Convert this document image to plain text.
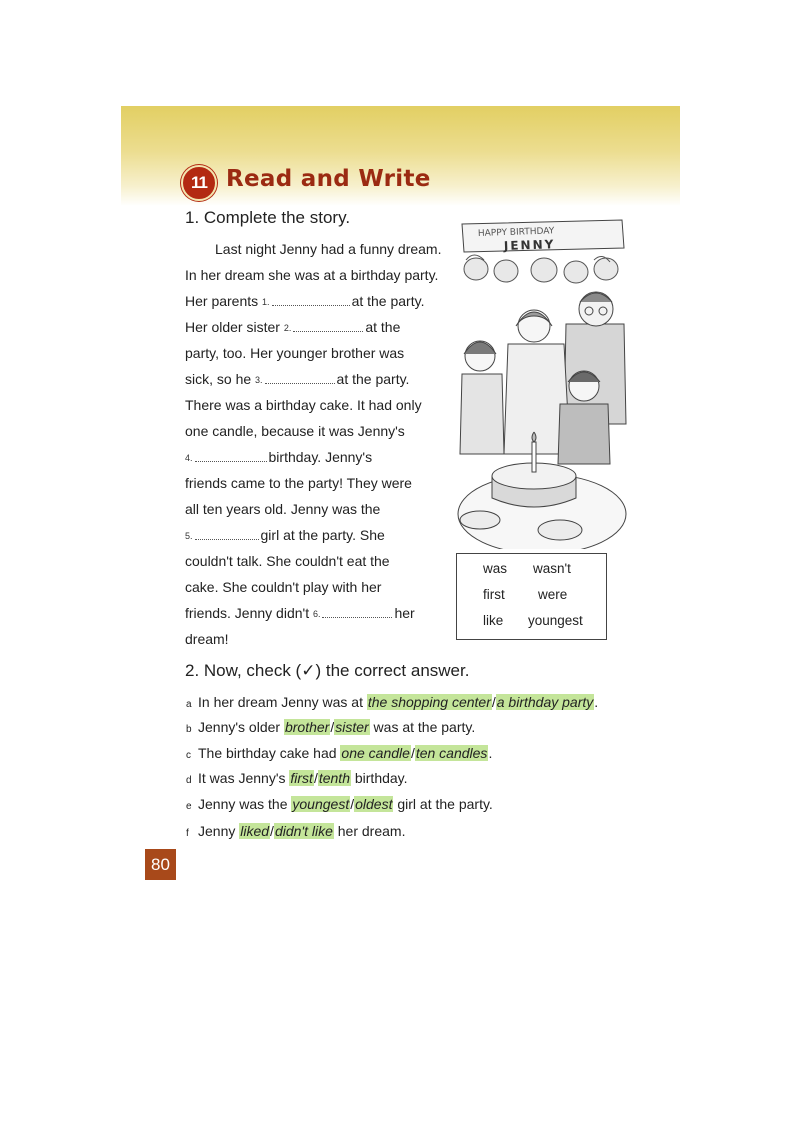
11 Read and Write
1. Complete the story.
Last night Jenny had a funny dream.
In her dream she was at a birthday party.
Her parents 1.	at the party.
Her older sister 2.	at the
party, too. Her younger brother was
sick, so he 3.	at the party.
There was a birthday cake. It had only
one candle, because it was Jenny's
4.	birthday. Jenny's
friends came to the party! They were
all ten years old. Jenny was the
5.	girl at the party. She
couldn't talk. She couldn't eat the
cake. She couldn't play with her
friends. Jenny didn't 6.	her
dream!
HAPPY BIRTHDAY
JENNY
was wasn't
first were
like youngest
2. Now, check (✓) the correct answer.
a In her dream Jenny was at the shopping center/a birthday party.
b Jenny's older brother/sister was at the party.
c The birthday cake had one candle/ten candles.
d It was Jenny's first/tenth birthday.
e Jenny was the youngest/oldest girl at the party.
f Jenny liked/didn't like her dream.
80
